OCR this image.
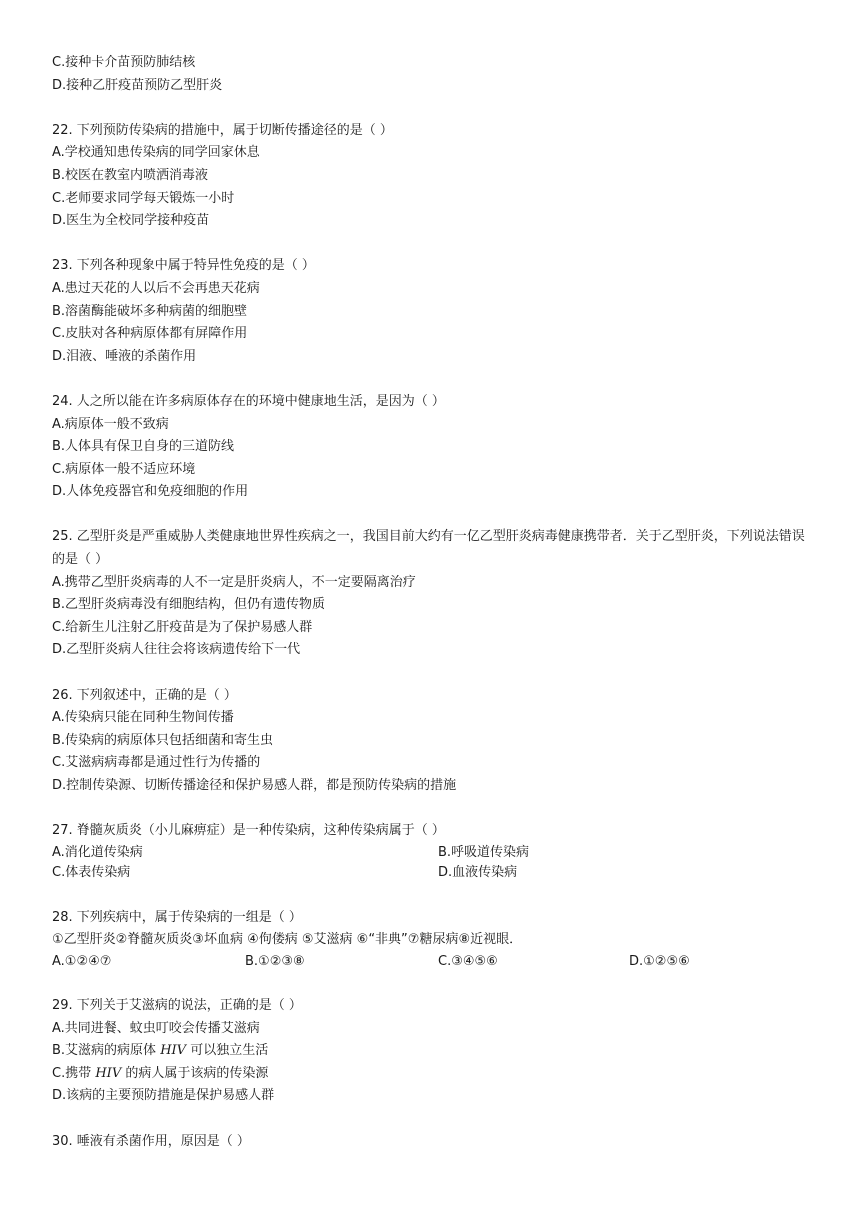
C.接种卡介苗预防肺结核
D.接种乙肝疫苗预防乙型肝炎
22. 下列预防传染病的措施中，属于切断传播途径的是（ ）
A.学校通知患传染病的同学回家休息
B.校医在教室内喷洒消毒液
C.老师要求同学每天锻炼一小时
D.医生为全校同学接种疫苗
23. 下列各种现象中属于特异性免疫的是（ ）
A.患过天花的人以后不会再患天花病
B.溶菌酶能破坏多种病菌的细胞壁
C.皮肤对各种病原体都有屏障作用
D.泪液、唾液的杀菌作用
24. 人之所以能在许多病原体存在的环境中健康地生活，是因为（ ）
A.病原体一般不致病
B.人体具有保卫自身的三道防线
C.病原体一般不适应环境
D.人体免疫器官和免疫细胞的作用
25. 乙型肝炎是严重威胁人类健康地世界性疾病之一，我国目前大约有一亿乙型肝炎病毒健康携带者．关于乙型肝炎，下列说法错误的是（ ）
A.携带乙型肝炎病毒的人不一定是肝炎病人，不一定要隔离治疗
B.乙型肝炎病毒没有细胞结构，但仍有遗传物质
C.给新生儿注射乙肝疫苗是为了保护易感人群
D.乙型肝炎病人往往会将该病遗传给下一代
26. 下列叙述中，正确的是（ ）
A.传染病只能在同种生物间传播
B.传染病的病原体只包括细菌和寄生虫
C.艾滋病病毒都是通过性行为传播的
D.控制传染源、切断传播途径和保护易感人群，都是预防传染病的措施
27. 脊髓灰质炎（小儿麻痹症）是一种传染病，这种传染病属于（ ）
A.消化道传染病	B.呼吸道传染病
C.体表传染病	D.血液传染病
28. 下列疾病中，属于传染病的一组是（ ）
①乙型肝炎②脊髓灰质炎③坏血病 ④佝偻病 ⑤艾滋病 ⑥“非典”⑦糖尿病⑧近视眼．
A.①②④⑦	B.①②③⑧	C.③④⑤⑥	D.①②⑤⑥
29. 下列关于艾滋病的说法，正确的是（ ）
A.共同进餐、蚊虫叮咬会传播艾滋病
B.艾滋病的病原体 HIV 可以独立生活
C.携带 HIV 的病人属于该病的传染源
D.该病的主要预防措施是保护易感人群
30. 唾液有杀菌作用，原因是（ ）
